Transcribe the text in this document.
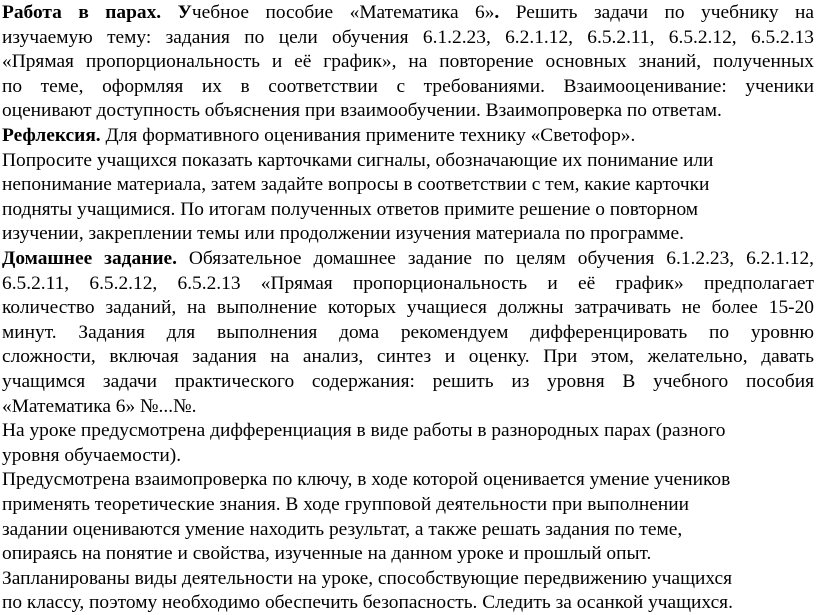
Работа в парах. Учебное пособие «Математика 6». Решить задачи по учебнику на
изучаемую тему: задания по цели обучения 6.1.2.23, 6.2.1.12, 6.5.2.11, 6.5.2.12, 6.5.2.13
«Прямая пропорциональность и её график», на повторение основных знаний, полученных
по теме, оформляя их в соответствии с требованиями. Взаимооценивание: ученики
оценивают доступность объяснения при взаимообучении. Взаимопроверка по ответам.
Рефлексия. Для формативного оценивания примените технику «Светофор».
Попросите учащихся показать карточками сигналы, обозначающие их понимание или
непонимание материала, затем задайте вопросы в соответствии с тем, какие карточки
подняты учащимися. По итогам полученных ответов примите решение о повторном
изучении, закреплении темы или продолжении изучения материала по программе.
Домашнее задание. Обязательное домашнее задание по целям обучения 6.1.2.23, 6.2.1.12,
6.5.2.11, 6.5.2.12, 6.5.2.13 «Прямая пропорциональность и её график» предполагает
количество заданий, на выполнение которых учащиеся должны затрачивать не более 15-20
минут. Задания для выполнения дома рекомендуем дифференцировать по уровню
сложности, включая задания на анализ, синтез и оценку. При этом, желательно, давать
учащимся задачи практического содержания: решить из уровня В учебного пособия
«Математика 6» №...№.
На уроке предусмотрена дифференциация в виде работы в разнородных парах (разного
уровня обучаемости).
Предусмотрена взаимопроверка по ключу, в ходе которой оценивается умение учеников
применять теоретические знания. В ходе групповой деятельности при выполнении
задании оцениваются умение находить результат, а также решать задания по теме,
опираясь на понятие и свойства, изученные на данном уроке и прошлый опыт.
Запланированы виды деятельности на уроке, способствующие передвижению учащихся
по классу, поэтому необходимо обеспечить безопасность. Следить за осанкой учащихся.
